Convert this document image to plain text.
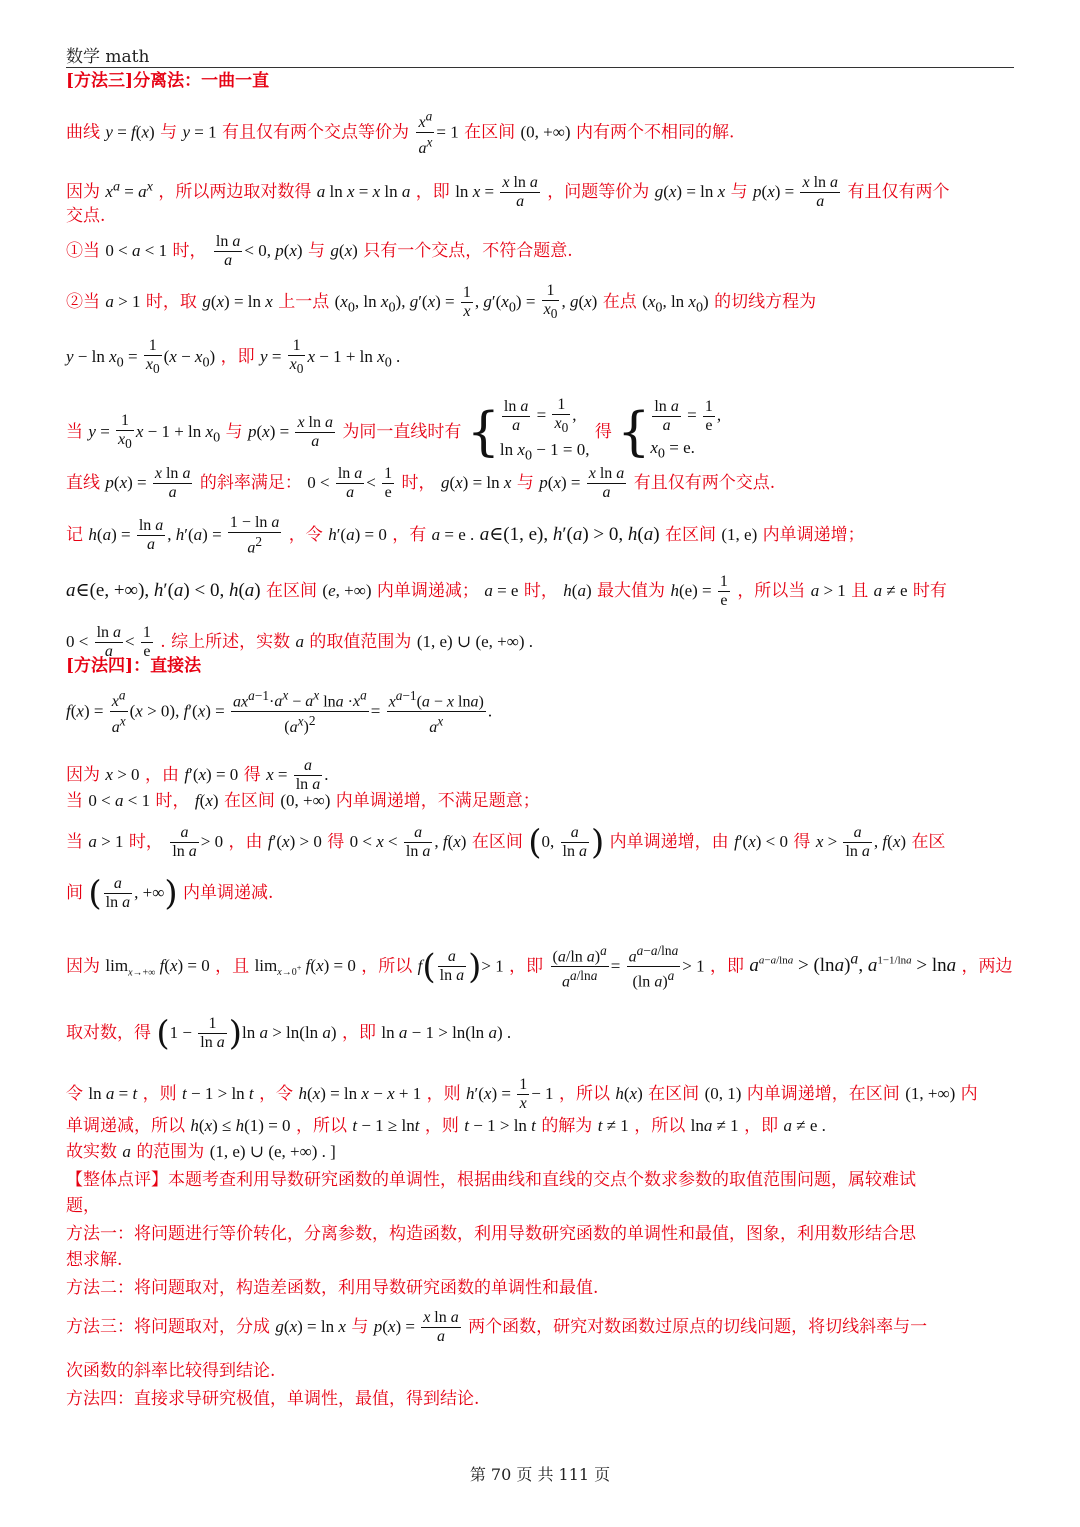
数学 math
[方法三]分离法：一曲一直
曲线 y = f(x) 与 y = 1 有且仅有两个交点等价为 $\frac{x^a}{a^x} = 1$ 在区间 (0, +∞) 内有两个不相同的解.
因为 $x^a = a^x$ ，所以两边取对数得 a ln x = x ln a ，即 $\ln x = \frac{\text{x ln a}}{a}$ ，问题等价为 g(x) = ln x 与 $p(x) = \frac{\text{x ln a}}{a}$ 有且仅有两个
交点.
①当 0 < a < 1 时， $\frac{\text{ln a}}{a} < 0$, p(x) 与 g(x) 只有一个交点，不符合题意.
②当 a > 1 时，取 g(x) = ln x 上一点 ($x_0$, $\ln x_0$), $g'(x) = \frac{1}{x}$ , $g'(x_0) = \frac{1}{x_0}$ , g(x) 在点 ($x_0$, $\ln x_0$) 的切线方程为
$y - \ln x_0 = \frac{1}{x_0} (x - x_0)$ ，即 $y = \frac{1}{x_0}$ $x - 1 + \ln x_0$ .
当 $y = \frac{1}{x_0}$ $x - 1 + \ln x_0$ 与 $p(x) = \frac{\text{x ln a}}{a}$ 为同一直线时有 { $\frac{\text{ln a}}{a} = \frac{1}{x_0}$ ,
$\ln x_0 - 1 = 0$,
得 { $\frac{\text{ln a}}{a} = \frac{1}{e}$ ,
$x_0 = e$.
直线 $p(x) = \frac{\text{x ln a}}{a}$ 的斜率满足： $0 < \frac{\text{ln a}}{a} < \frac{1}{e}$ 时， g(x) = ln x 与 $p(x) = \frac{\text{x ln a}}{a}$ 有且仅有两个交点.
记 $h(a) = \frac{\text{ln a}}{a}$ , $h'(a) = \frac{\text{1 − ln a}}{a^2}$ ，令 h′(a) = 0 ，有 a = e . a∈(1, e), h′(a) > 0, h(a) 在区间 (1, e) 内单调递增；
a∈(e, +∞), h′(a) < 0, h(a) 在区间 (e, +∞) 内单调递减； a = e 时， h(a) 最大值为 $h(e) = \frac{1}{e}$ ，所以当 a > 1 且 a ≠ e 时有
$0 < \frac{\text{ln a}}{a} < \frac{1}{e}$ . 综上所述，实数 a 的取值范围为 (1, e) ∪ (e, +∞) .
[方法四]：直接法
$f(x) = \frac{x^a}{a^x} (x > 0)$, $f'(x) = \frac{ax^{a-1}\cdot a^x - a^x \ln a \cdot x^a}{(a^x)^2} = \frac{x^{a-1}(a - x \ln a)}{a^x}$ .
因为 x > 0 ，由 f′(x) = 0 得 $x = \frac{a}{\text{ln a}}$ .
当 0 < a < 1 时， f(x) 在区间 (0, +∞) 内单调递增，不满足题意；
当 a > 1 时， $\frac{a}{\text{ln a}} > 0$ ，由 f′(x) > 0 得 $0 < x < \frac{a}{\text{ln a}}$ , f(x) 在区间 (0, $\frac{a}{\text{ln a}}$ ) 内单调递增，由 f′(x) < 0 得 $x > \frac{a}{\text{ln a}}$ , f(x) 在区
间 ( $\frac{a}{\text{ln a}}$ , +∞) 内单调递减.
因为 $\lim_{x\to+\infty} f(x) = 0$ ，且 $\lim_{x\to 0^+} f(x) = 0$ ，所以 $f( \frac{a}{\text{ln a}}$ )> 1 ，即 $\frac{(a/\ln a)^a}{a^{a/lna}} = \frac{a^{a-a/lna}}{(\ln a)^a} > 1$ ，即 $a^{a-a/lna} > (\ln a)^a$, $a^{1-1/lna} > \ln a$ ，两边
取对数，得 $(1 - \frac{1}{\text{ln a}} )\ln$ a > ln(ln a) ，即 ln a − 1 > ln(ln a) .
令 ln a = t ，则 t − 1 > ln t ，令 h(x) = ln x − x + 1 ，则 $h'(x) = \frac{1}{x} - 1$ ，所以 h(x) 在区间 (0, 1) 内单调递增，在区间 (1, +∞) 内
单调递减，所以 h(x) ≤ h(1) = 0 ，所以 t − 1 ≥ lnt ，则 t − 1 > ln t 的解为 t ≠ 1 ，所以 lna ≠ 1 ，即 a ≠ e .
故实数 a 的范围为 (1, e) ∪ (e, +∞) . ]
【整体点评】本题考查利用导数研究函数的单调性，根据曲线和直线的交点个数求参数的取值范围问题，属较难试
题，
方法一：将问题进行等价转化，分离参数，构造函数，利用导数研究函数的单调性和最值，图象，利用数形结合思
想求解.
方法二：将问题取对，构造差函数，利用导数研究函数的单调性和最值.
方法三：将问题取对，分成 g(x) = ln x 与 $p(x) = \frac{\text{x ln a}}{a}$ 两个函数，研究对数函数过原点的切线问题，将切线斜率与一
次函数的斜率比较得到结论.
方法四：直接求导研究极值，单调性，最值，得到结论.
第 70 页 共 111 页
